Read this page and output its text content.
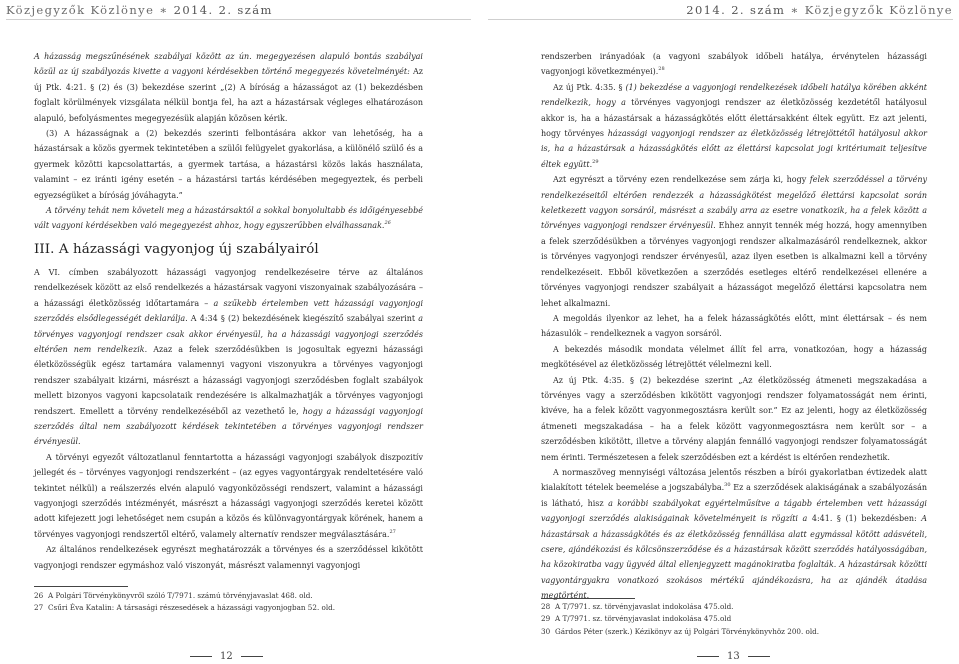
Közjegyzők Közlönye ∗ 2014. 2. szám	2014. 2. szám ∗ Közjegyzők Közlönye

A házasság megszűnésének szabályai között az ún. megegyezésen alapuló bontás szabályai közül az új szabályozás kivette a vagyoni kérdésekben történő megegyezés követelményét: Az új Ptk. 4:21. § (2) és (3) bekezdése szerint „(2) A bíróság a házasságot az (1) bekezdésben foglalt körülmények vizsgálata nélkül bontja fel, ha azt a házastársak végleges elhatározáson alapuló, befolyásmentes megegyezésük alapján közösen kérik.

(3) A házasságnak a (2) bekezdés szerinti felbontására akkor van lehetőség, ha a házastársak a közös gyermek tekintetében a szülői felügyelet gyakorlása, a különélő szülő és a gyermek közötti kapcsolattartás, a gyermek tartása, a házastársi közös lakás használata, valamint – ez iránti igény esetén – a házastársi tartás kérdésében megegyeztek, és perbeli egyezségüket a bíróság jóváhagyta.”

A törvény tehát nem követeli meg a házastársaktól a sokkal bonyolultabb és időigényesebbé vált vagyoni kérdésekben való megegyezést ahhoz, hogy egyszerűbben elválhassanak.$^{26}$

III. A házassági vagyonjog új szabályairól

A VI. címben szabályozott házassági vagyonjog rendelkezéseire térve az általános rendelkezések között az első rendelkezés a házastársak vagyoni viszonyainak szabályozására – a házassági életközösség időtartamára – a szűkebb értelemben vett házassági vagyonjogi szerződés elsődlegességét deklarálja. A 4:34 § (2) bekezdésének kiegészítő szabályai szerint a törvényes vagyonjogi rendszer csak akkor érvényesül, ha a házassági vagyonjogi szerződés eltérően nem rendelkezik. Azaz a felek szerződésükben is jogosultak egyezni házassági életközösségük egész tartamára valamennyi vagyoni viszonyukra a törvényes vagyonjogi rendszer szabályait kizárni, másrészt a házassági vagyonjogi szerződésben foglalt szabályok mellett bizonyos vagyoni kapcsolataik rendezésére is alkalmazhatják a törvényes vagyonjogi rendszert. Emellett a törvény rendelkezéséből az vezethető le, hogy a házassági vagyonjogi szerződés által nem szabályozott kérdések tekintetében a törvényes vagyonjogi rendszer érvényesül.

A törvényi egyezőt változatlanul fenntartotta a házassági vagyonjogi szabályok diszpozitív jellegét és – törvényes vagyonjogi rendszerként – (az egyes vagyontárgyak rendeltetésére való tekintet nélkül) a reálszerzés elvén alapuló vagyonközösségi rendszert, valamint a házassági vagyonjogi szerződés intézményét, másrészt a házassági vagyonjogi szerződés keretei között adott kifejezett jogi lehetőséget nem csupán a közös és különvagyontárgyak körének, hanem a törvényes vagyonjogi rendszertől eltérő, valamely alternatív rendszer megválasztására.$^{27}$

Az általános rendelkezések egyrészt meghatározzák a törvényes és a szerződéssel kikötött vagyonjogi rendszer egymáshoz való viszonyát, másrészt valamennyi vagyonjogi

rendszerben irányadóak (a vagyoni szabályok időbeli hatálya, érvénytelen házassági vagyonjogi következményei).$^{28}$

Az új Ptk. 4:35. § (1) bekezdése a vagyonjogi rendelkezések időbeli hatálya körében akként rendelkezik, hogy a törvényes vagyonjogi rendszer az életközösség kezdetétől hatályosul akkor is, ha a házastársak a házasságkötés előtt élettársakként éltek együtt. Ez azt jelenti, hogy törvényes házassági vagyonjogi rendszer az életközösség létrejöttétől hatályosul akkor is, ha a házastársak a házasságkötés előtt az élettársi kapcsolat jogi kritériumait teljesítve éltek együtt.$^{29}$

Azt egyrészt a törvény ezen rendelkezése sem zárja ki, hogy felek szerződéssel a törvény rendelkezéseitől eltérően rendezzék a házasságkötést megelőző élettársi kapcsolat során keletkezett vagyon sorsáról, másrészt a szabály arra az esetre vonatkozik, ha a felek között a törvényes vagyonjogi rendszer érvényesül. Ehhez annyit tennék még hozzá, hogy amennyiben a felek szerződésükben a törvényes vagyonjogi rendszer alkalmazásáról rendelkeznek, akkor is törvényes vagyonjogi rendszer érvényesül, azaz ilyen esetben is alkalmazni kell a törvény rendelkezéseit. Ebből következően a szerződés esetleges eltérő rendelkezései ellenére a törvényes vagyonjogi rendszer szabályait a házasságot megelőző élettársi kapcsolatra nem lehet alkalmazni.

A megoldás ilyenkor az lehet, ha a felek házasságkötés előtt, mint élettársak – és nem házasulók – rendelkeznek a vagyon sorsáról.

A bekezdés második mondata vélelmet állít fel arra, vonatkozóan, hogy a házasság megkötésével az életközösség létrejöttét vélelmezni kell.

Az új Ptk. 4:35. § (2) bekezdése szerint „Az életközösség átmeneti megszakadása a törvényes vagy a szerződésben kikötött vagyonjogi rendszer folyamatosságát nem érinti, kivéve, ha a felek között vagyonmegosztásra került sor.” Ez az jelenti, hogy az életközösség átmeneti megszakadása – ha a felek között vagyonmegosztásra nem került sor – a szerződésben kikötött, illetve a törvény alapján fennálló vagyonjogi rendszer folyamatosságát nem érinti. Természetesen a felek szerződésben ezt a kérdést is eltérően rendezhetik.

A normaszöveg mennyiségi változása jelentős részben a bírói gyakorlatban évtizedek alatt kialakított tételek beemelése a jogszabályba.$^{30}$ Ez a szerződések alakiságának a szabályozásán is látható, hisz a korábbi szabályokat egyértelműsítve a tágabb értelemben vett házassági vagyonjogi szerződés alakiságainak követelményeit is rögzíti a 4:41. § (1) bekezdésben: A házastársak a házasságkötés és az életközösség fennállása alatt egymással kötött adásvételi, csere, ajándékozási és kölcsönszerződése és a házastársak között szerződés hatályosságában, ha közokiratba vagy ügyvéd által ellenjegyzett magánokiratba foglalták. A házastársak közötti vagyontárgyakra vonatkozó szokásos mértékű ajándékozásra, ha az ajándék átadása megtörtént.

26 A Polgári Törvénykönyvről szóló T/7971. számú törvényjavaslat 468. old.
27 Csűri Éva Katalin: A társasági részesedések a házassági vagyonjogban 52. old.	28 A T/7971. sz. törvényjavaslat indokolása 475.old.
29 A T/7971. sz. törvényjavaslat indokolása 475.old
30 Gárdos Péter (szerk.) Kézikönyv az új Polgári Törvénykönyvhöz 200. old.
12	13
